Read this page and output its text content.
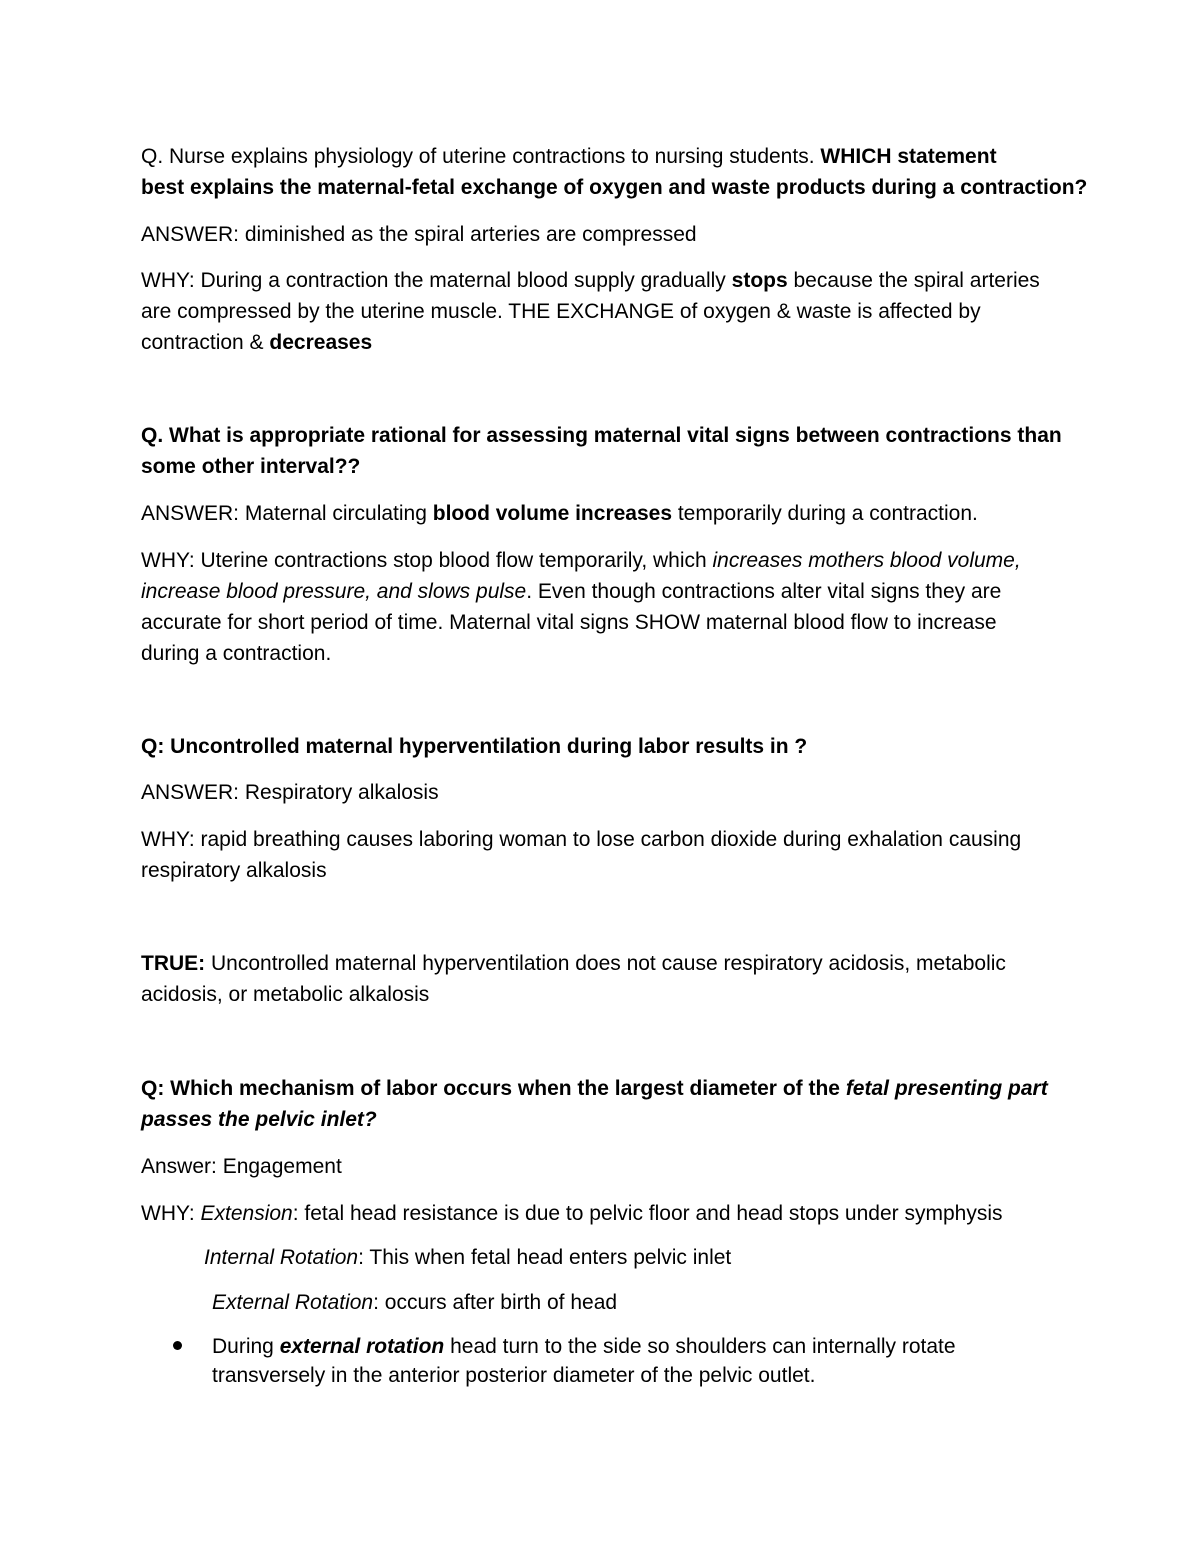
Q. Nurse explains physiology of uterine contractions to nursing students. WHICH statement
best explains the maternal-fetal exchange of oxygen and waste products during a contraction?
ANSWER: diminished as the spiral arteries are compressed
WHY: During a contraction the maternal blood supply gradually stops because the spiral arteries
are compressed by the uterine muscle. THE EXCHANGE of oxygen & waste is affected by
contraction & decreases
Q. What is appropriate rational for assessing maternal vital signs between contractions than
some other interval??
ANSWER: Maternal circulating blood volume increases temporarily during a contraction.
WHY: Uterine contractions stop blood flow temporarily, which increases mothers blood volume,
increase blood pressure, and slows pulse. Even though contractions alter vital signs they are
accurate for short period of time. Maternal vital signs SHOW maternal blood flow to increase
during a contraction.
Q: Uncontrolled maternal hyperventilation during labor results in ?
ANSWER: Respiratory alkalosis
WHY: rapid breathing causes laboring woman to lose carbon dioxide during exhalation causing
respiratory alkalosis
TRUE: Uncontrolled maternal hyperventilation does not cause respiratory acidosis, metabolic
acidosis, or metabolic alkalosis
Q: Which mechanism of labor occurs when the largest diameter of the fetal presenting part
passes the pelvic inlet?
Answer: Engagement
WHY: Extension: fetal head resistance is due to pelvic floor and head stops under symphysis
Internal Rotation: This when fetal head enters pelvic inlet
External Rotation: occurs after birth of head
During external rotation head turn to the side so shoulders can internally rotate
transversely in the anterior posterior diameter of the pelvic outlet.
